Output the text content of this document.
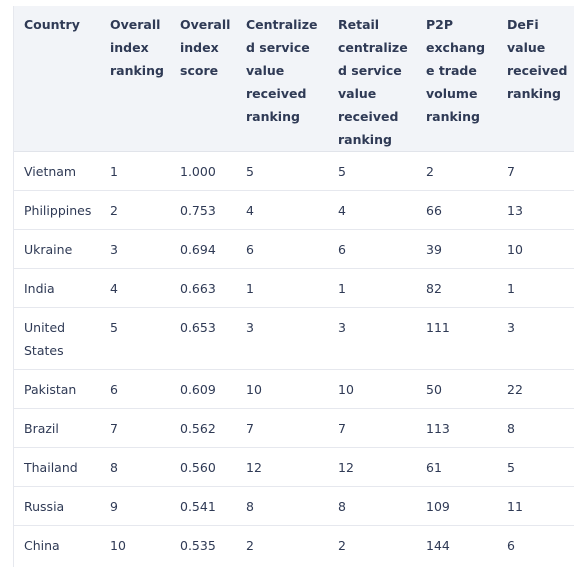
Country	Overall index ranking	Overall index score	Centralized service value received ranking	Retail centralized service value received ranking	P2P exchange trade volume ranking	DeFi value received ranking
Vietnam	1	1.000	5	5	2	7
Philippines	2	0.753	4	4	66	13
Ukraine	3	0.694	6	6	39	10
India	4	0.663	1	1	82	1
United States	5	0.653	3	3	111	3
Pakistan	6	0.609	10	10	50	22
Brazil	7	0.562	7	7	113	8
Thailand	8	0.560	12	12	61	5
Russia	9	0.541	8	8	109	11
China	10	0.535	2	2	144	6
